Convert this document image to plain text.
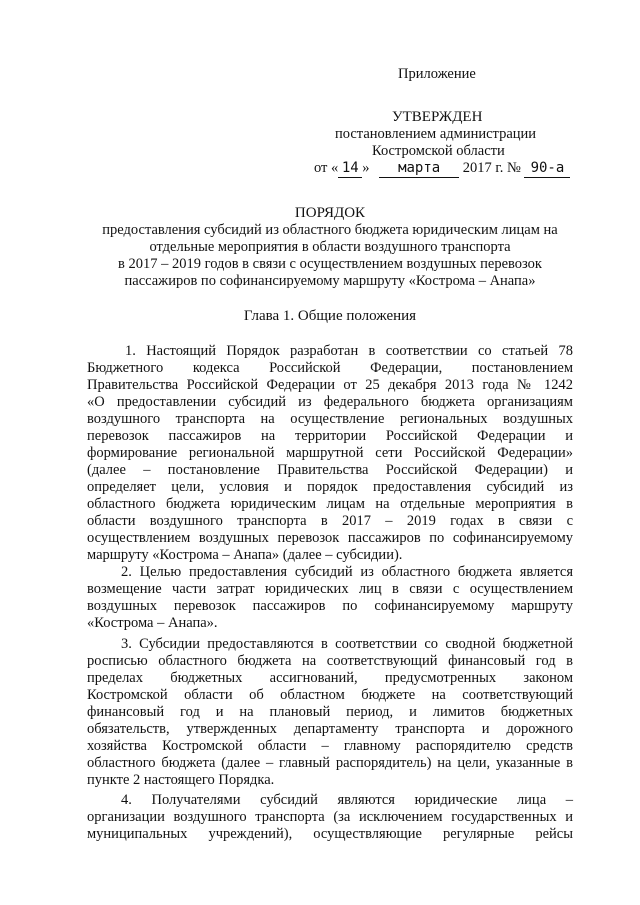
Приложение
УТВЕРЖДЕН
постановлением администрации
Костромской области
от « 14 » марта 2017 г. № 90-а
ПОРЯДОК
предоставления субсидий из областного бюджета юридическим лицам на
отдельные мероприятия в области воздушного транспорта
в 2017 – 2019 годов в связи с осуществлением воздушных перевозок
пассажиров по софинансируемому маршруту «Кострома – Анапа»
Глава 1. Общие положения
1. Настоящий Порядок разработан в соответствии со статьей 78
Бюджетного кодекса Российской Федерации, постановлением
Правительства Российской Федерации от 25 декабря 2013 года № 1242
«О предоставлении субсидий из федерального бюджета организациям
воздушного транспорта на осуществление региональных воздушных
перевозок пассажиров на территории Российской Федерации и
формирование региональной маршрутной сети Российской Федерации»
(далее – постановление Правительства Российской Федерации) и
определяет цели, условия и порядок предоставления субсидий из
областного бюджета юридическим лицам на отдельные мероприятия в
области воздушного транспорта в 2017 – 2019 годах в связи с
осуществлением воздушных перевозок пассажиров по софинансируемому
маршруту «Кострома – Анапа» (далее – субсидии).
2. Целью предоставления субсидий из областного бюджета является
возмещение части затрат юридических лиц в связи с осуществлением
воздушных перевозок пассажиров по софинансируемому маршруту
«Кострома – Анапа».
3. Субсидии предоставляются в соответствии со сводной бюджетной
росписью областного бюджета на соответствующий финансовый год в
пределах бюджетных ассигнований, предусмотренных законом
Костромской области об областном бюджете на соответствующий
финансовый год и на плановый период, и лимитов бюджетных
обязательств, утвержденных департаменту транспорта и дорожного
хозяйства Костромской области – главному распорядителю средств
областного бюджета (далее – главный распорядитель) на цели, указанные в
пункте 2 настоящего Порядка.
4. Получателями субсидий являются юридические лица –
организации воздушного транспорта (за исключением государственных и
муниципальных учреждений), осуществляющие регулярные рейсы
